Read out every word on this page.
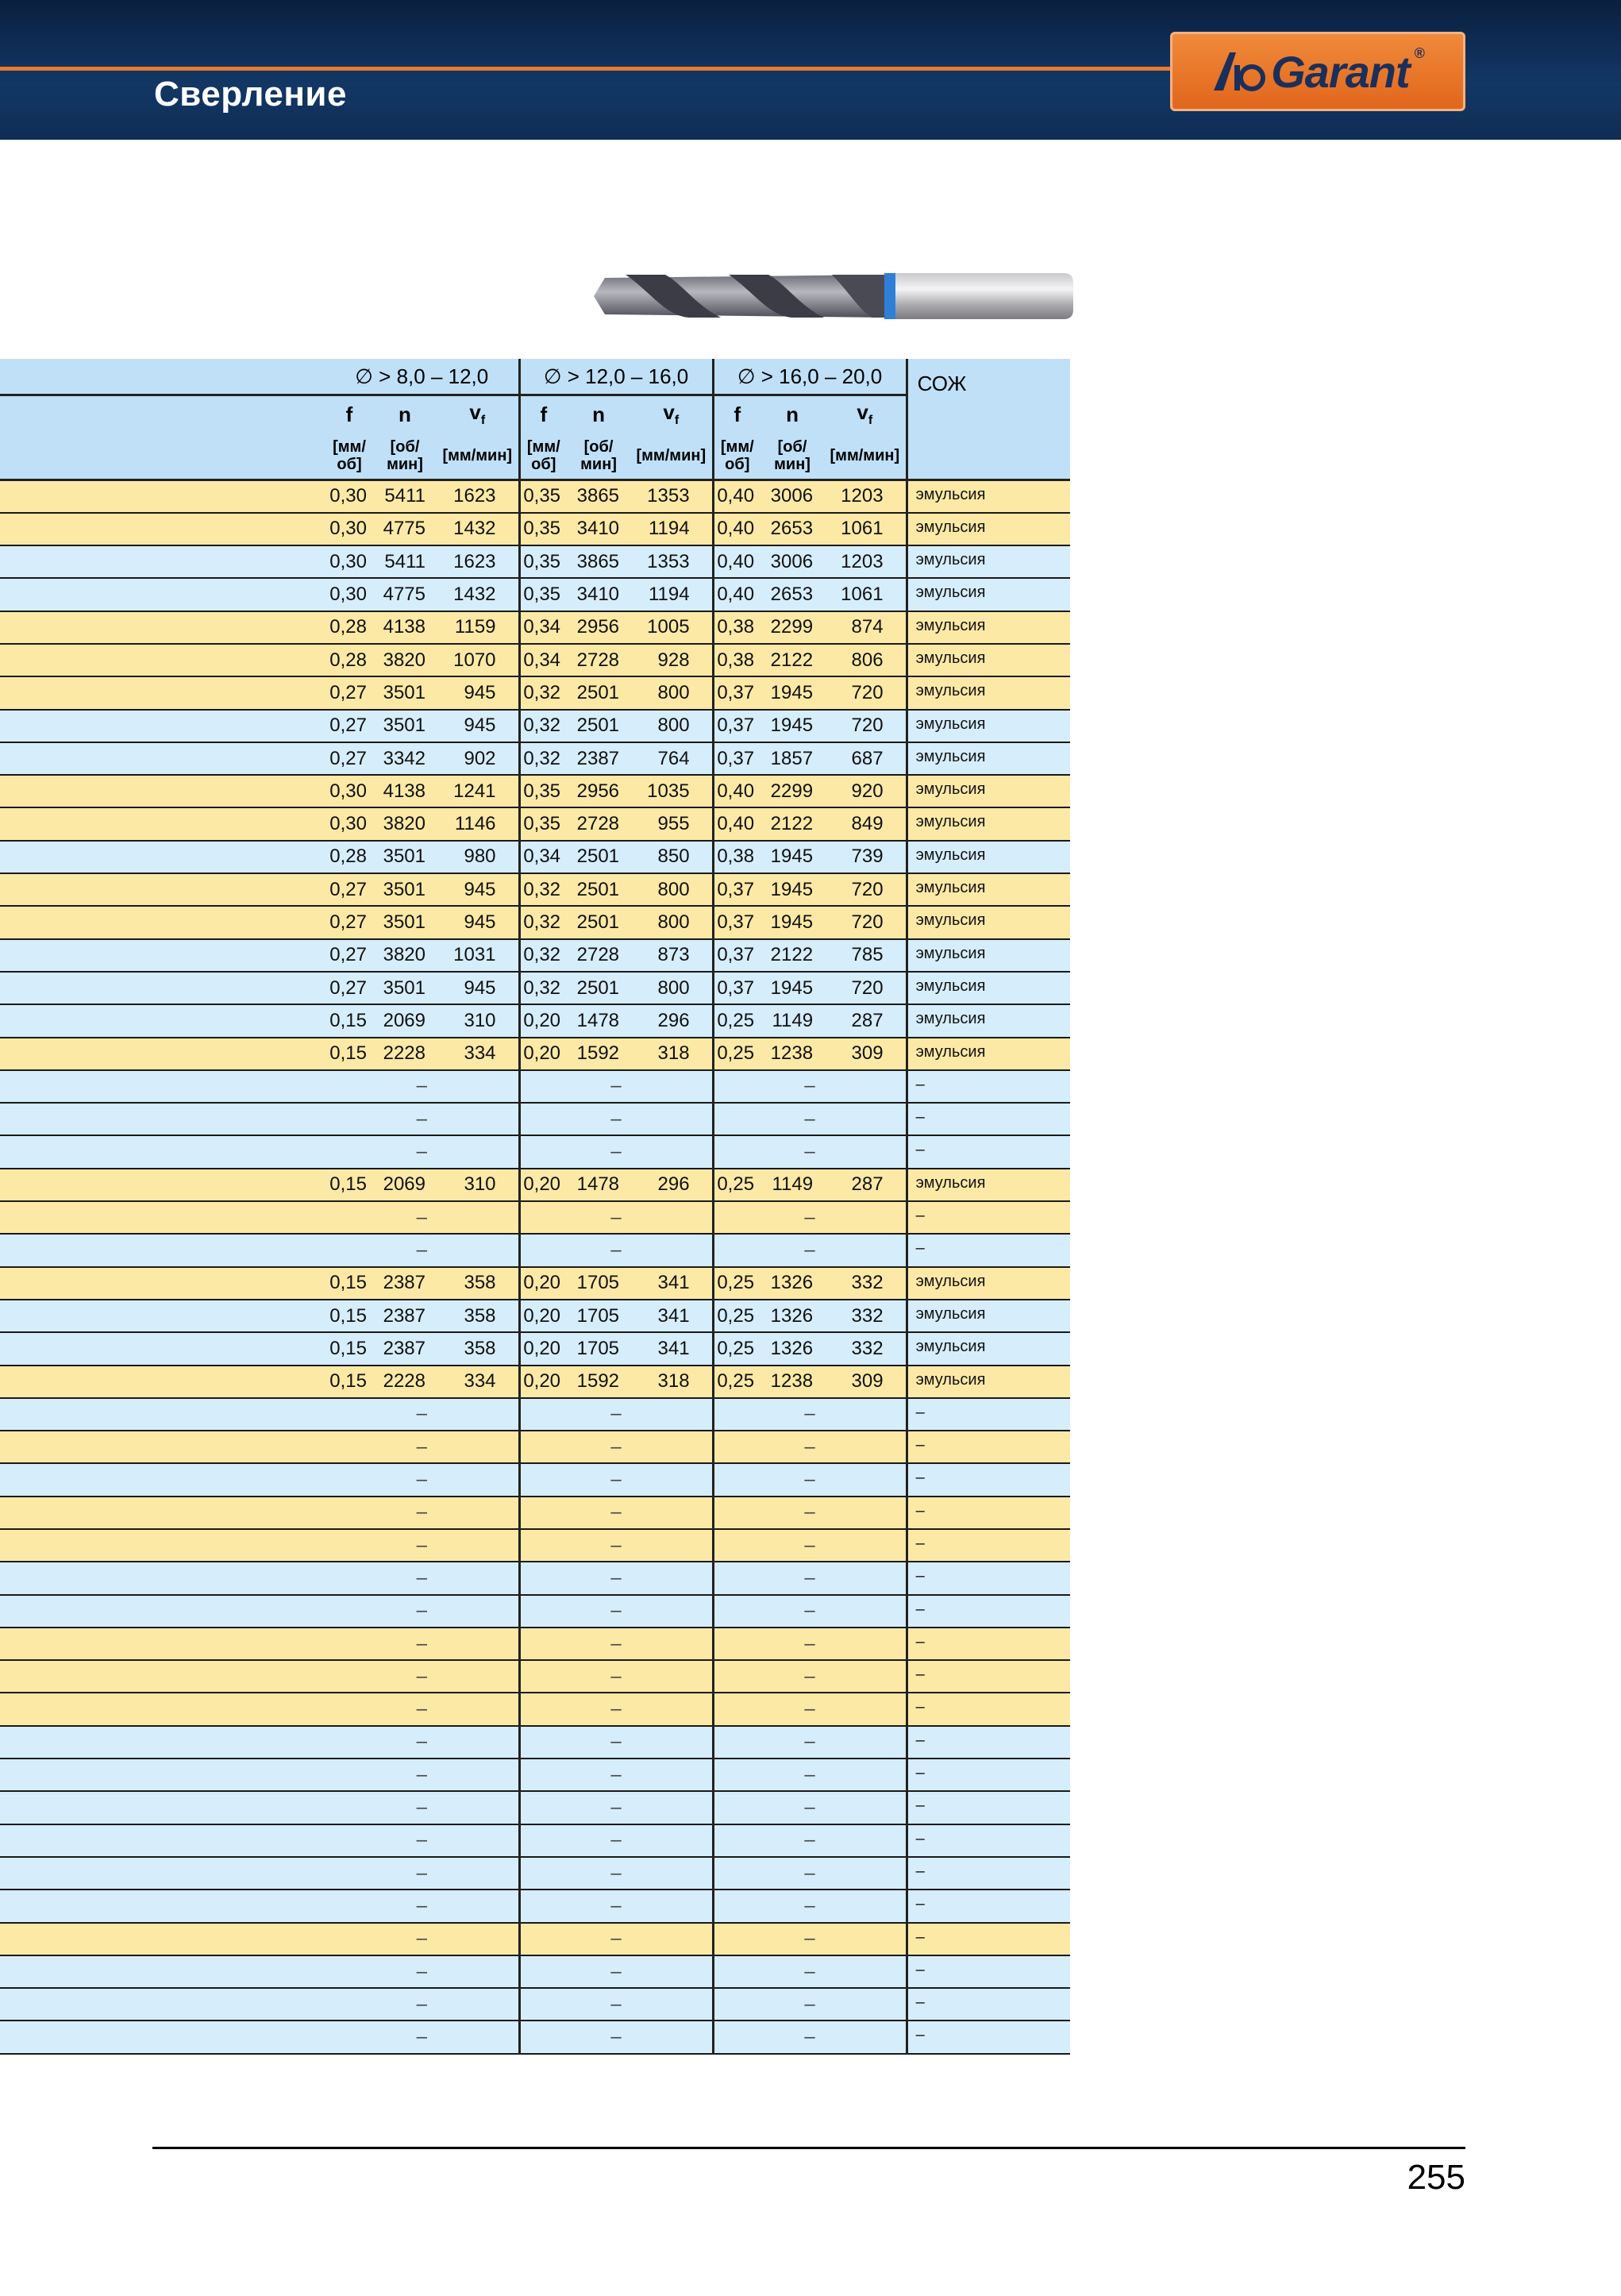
Сверление	Garant ®
	∅ > 8,0 – 12,0			∅ > 12,0 – 16,0			∅ > 16,0 – 20,0			СОЖ
	f	n	$v_f$	f	n	$v_f$	f	n	$v_f$
	[мм/ об]	[об/ мин]	[мм/мин]	[мм/ об]	[об/ мин]	[мм/мин]	[мм/ об]	[об/ мин]	[мм/мин]	
	0,30	5411	1623	0,35	3865	1353	0,40	3006	1203	эмульсия
	0,30	4775	1432	0,35	3410	1194	0,40	2653	1061	эмульсия
	0,30	5411	1623	0,35	3865	1353	0,40	3006	1203	эмульсия
	0,30	4775	1432	0,35	3410	1194	0,40	2653	1061	эмульсия
	0,28	4138	1159	0,34	2956	1005	0,38	2299	874	эмульсия
	0,28	3820	1070	0,34	2728	928	0,38	2122	806	эмульсия
	0,27	3501	945	0,32	2501	800	0,37	1945	720	эмульсия
	0,27	3501	945	0,32	2501	800	0,37	1945	720	эмульсия
	0,27	3342	902	0,32	2387	764	0,37	1857	687	эмульсия
	0,30	4138	1241	0,35	2956	1035	0,40	2299	920	эмульсия
	0,30	3820	1146	0,35	2728	955	0,40	2122	849	эмульсия
	0,28	3501	980	0,34	2501	850	0,38	1945	739	эмульсия
	0,27	3501	945	0,32	2501	800	0,37	1945	720	эмульсия
	0,27	3501	945	0,32	2501	800	0,37	1945	720	эмульсия
	0,27	3820	1031	0,32	2728	873	0,37	2122	785	эмульсия
	0,27	3501	945	0,32	2501	800	0,37	1945	720	эмульсия
	0,15	2069	310	0,20	1478	296	0,25	1149	287	эмульсия
	0,15	2228	334	0,20	1592	318	0,25	1238	309	эмульсия
	–			–			–			–
	–			–			–			–
	–			–			–			–
	0,15	2069	310	0,20	1478	296	0,25	1149	287	эмульсия
	–			–			–			–
	–			–			–			–
	0,15	2387	358	0,20	1705	341	0,25	1326	332	эмульсия
	0,15	2387	358	0,20	1705	341	0,25	1326	332	эмульсия
	0,15	2387	358	0,20	1705	341	0,25	1326	332	эмульсия
	0,15	2228	334	0,20	1592	318	0,25	1238	309	эмульсия
	–			–			–			–
	–			–			–			–
	–			–			–			–
	–			–			–			–
	–			–			–			–
	–			–			–			–
	–			–			–			–
	–			–			–			–
	–			–			–			–
	–			–			–			–
	–			–			–			–
	–			–			–			–
	–			–			–			–
	–			–			–			–
	–			–			–			–
	–			–			–			–
	–			–			–			–
	–			–			–			–
	–			–			–			–
	–			–			–			–
255
